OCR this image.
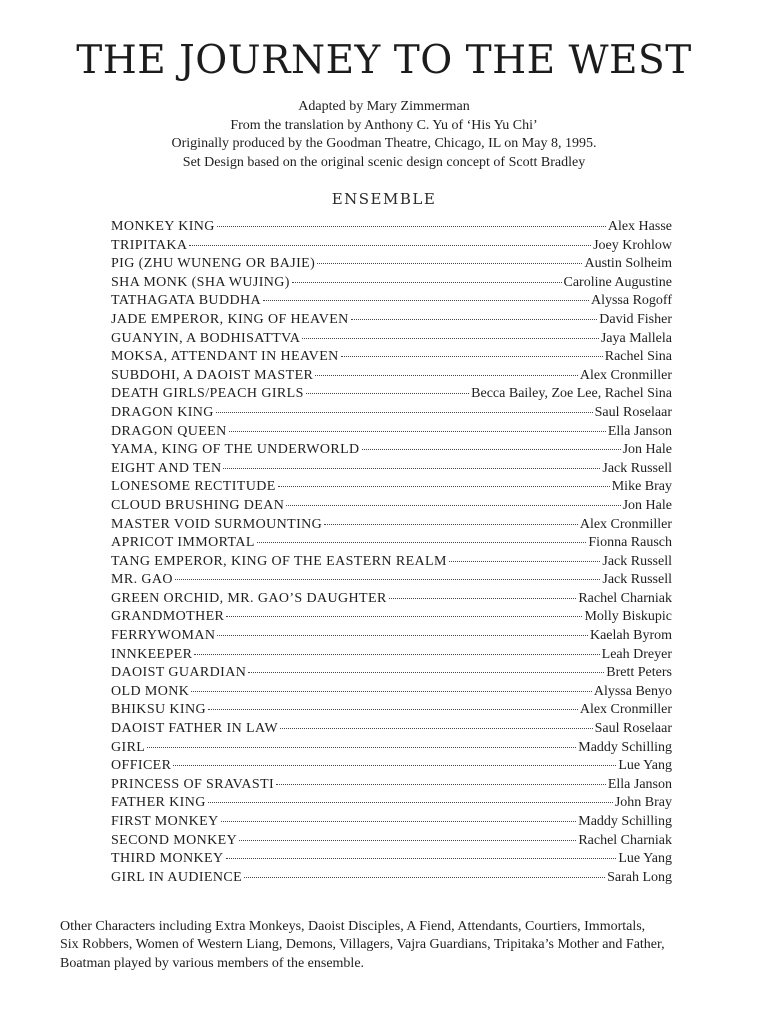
THE JOURNEY TO THE WEST
Adapted by Mary Zimmerman
From the translation by Anthony C. Yu of ‘His Yu Chi’
Originally produced by the Goodman Theatre, Chicago, IL on May 8, 1995.
Set Design based on the original scenic design concept of Scott Bradley
ENSEMBLE
MONKEY KING	Alex Hasse
TRIPITAKA	Joey Krohlow
PIG (ZHU WUNENG OR BAJIE)	Austin Solheim
SHA MONK (SHA WUJING)	Caroline Augustine
TATHAGATA BUDDHA	Alyssa Rogoff
JADE EMPEROR, KING OF HEAVEN	David Fisher
GUANYIN, A BODHISATTVA	Jaya Mallela
MOKSA, ATTENDANT IN HEAVEN	Rachel Sina
SUBDOHI, A DAOIST MASTER	Alex Cronmiller
DEATH GIRLS/PEACH GIRLS	Becca Bailey, Zoe Lee, Rachel Sina
DRAGON KING	Saul Roselaar
DRAGON QUEEN	Ella Janson
YAMA, KING OF THE UNDERWORLD	Jon Hale
EIGHT AND TEN	Jack Russell
LONESOME RECTITUDE	Mike Bray
CLOUD BRUSHING DEAN	Jon Hale
MASTER VOID SURMOUNTING	Alex Cronmiller
APRICOT IMMORTAL	Fionna Rausch
TANG EMPEROR, KING OF THE EASTERN REALM	Jack Russell
MR. GAO	Jack Russell
GREEN ORCHID, MR. GAO’S DAUGHTER	Rachel Charniak
GRANDMOTHER	Molly Biskupic
FERRYWOMAN	Kaelah Byrom
INNKEEPER	Leah Dreyer
DAOIST GUARDIAN	Brett Peters
OLD MONK	Alyssa Benyo
BHIKSU KING	Alex Cronmiller
DAOIST FATHER IN LAW	Saul Roselaar
GIRL	Maddy Schilling
OFFICER	Lue Yang
PRINCESS OF SRAVASTI	Ella Janson
FATHER KING	John Bray
FIRST MONKEY	Maddy Schilling
SECOND MONKEY	Rachel Charniak
THIRD MONKEY	Lue Yang
GIRL IN AUDIENCE	Sarah Long
Other Characters including Extra Monkeys, Daoist Disciples, A Fiend, Attendants, Courtiers, Immortals,
Six Robbers, Women of Western Liang, Demons, Villagers, Vajra Guardians, Tripitaka’s Mother and Father,
Boatman played by various members of the ensemble.
